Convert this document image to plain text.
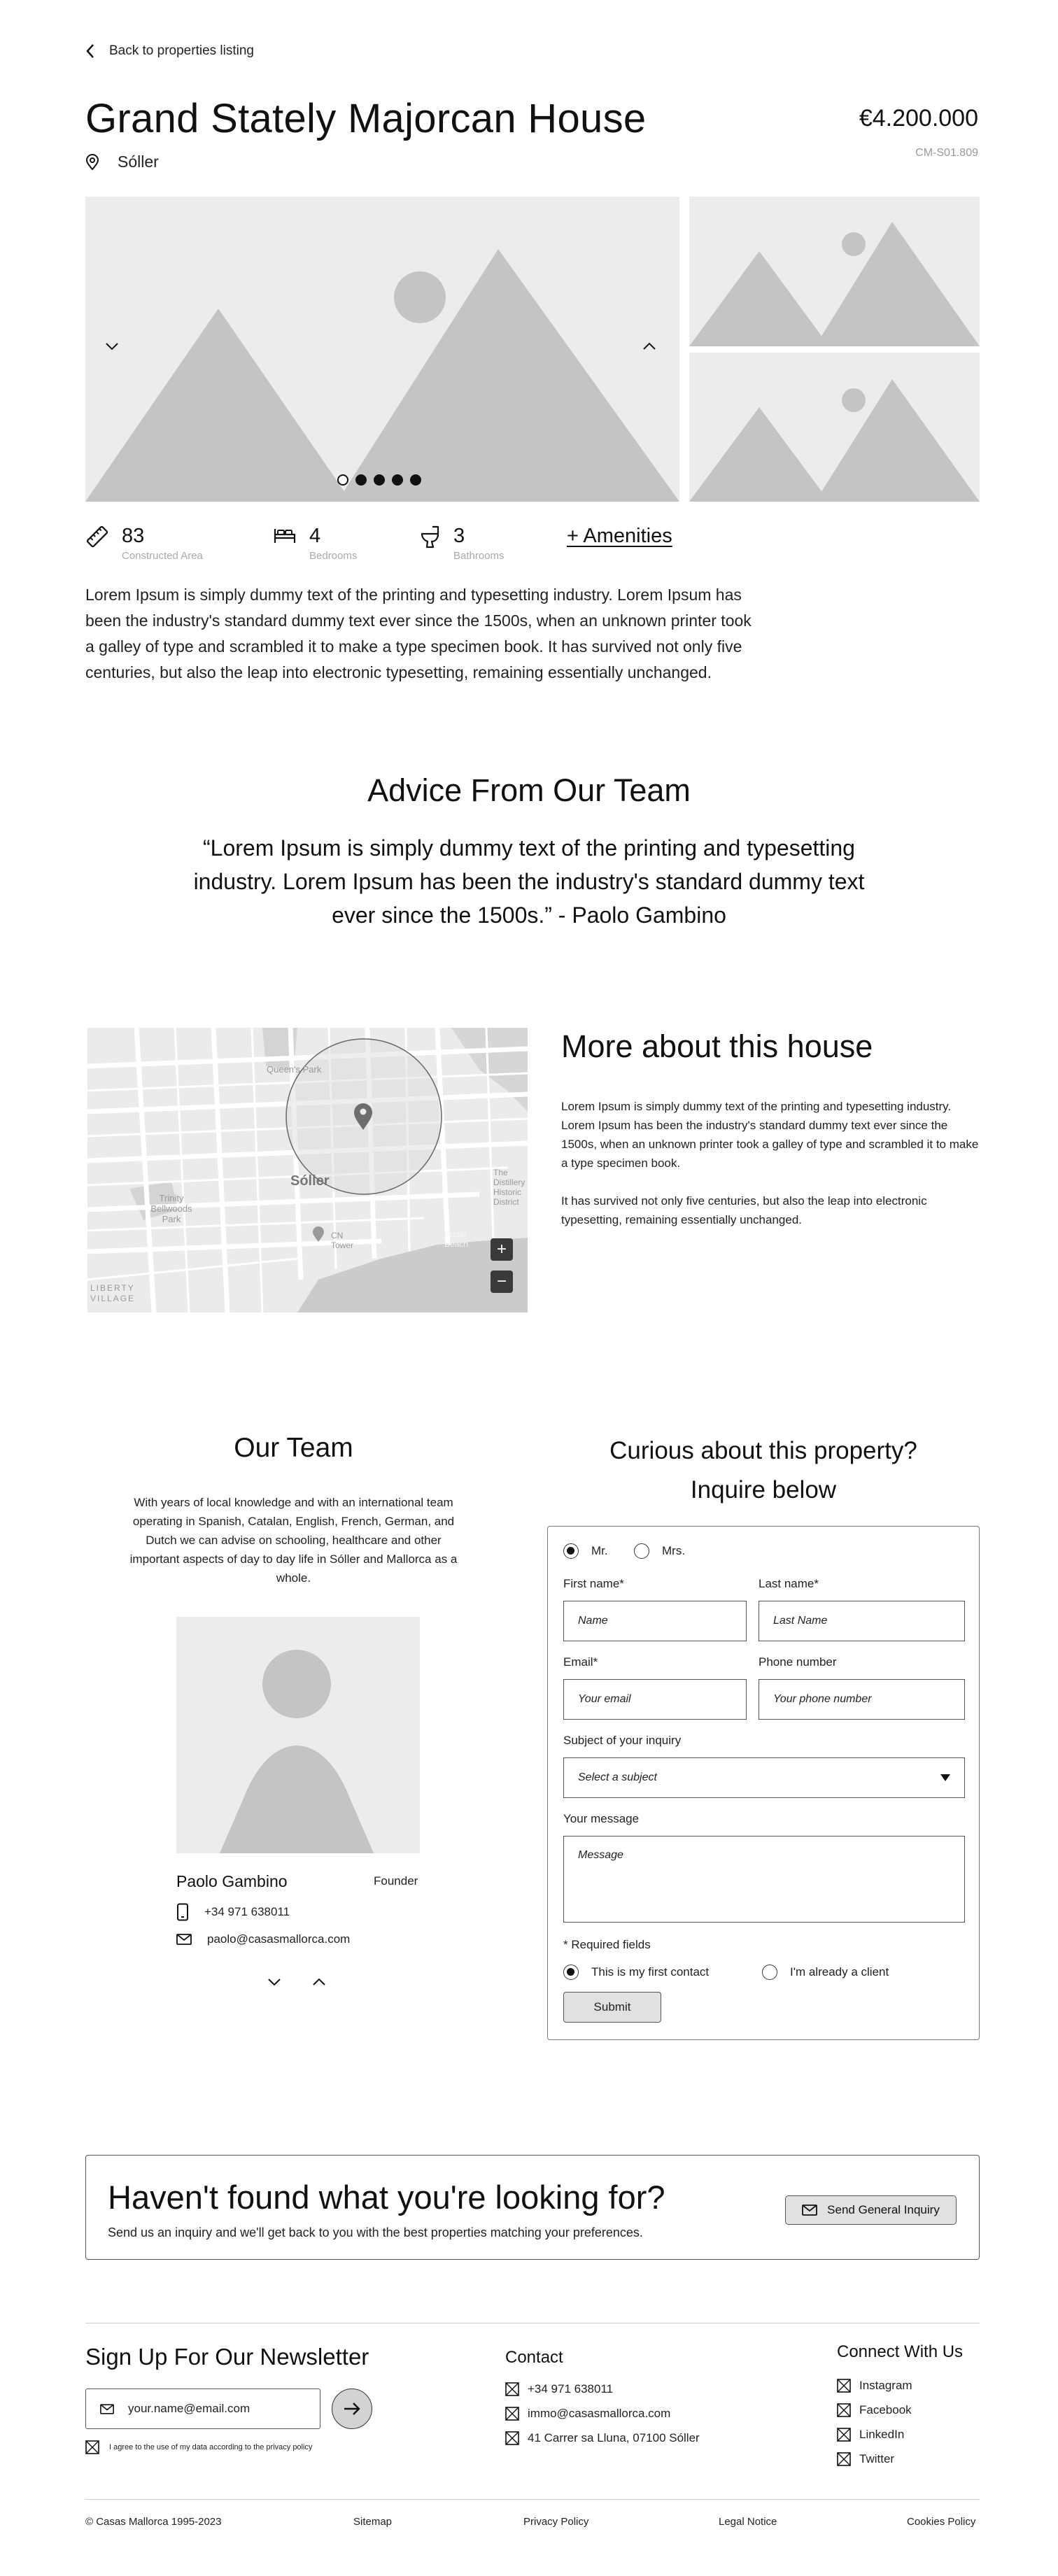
Back to properties listing
Grand Stately Majorcan House
Sóller
€4.200.000
CM-S01.809
83
Constructed Area
4
Bedrooms
3
Bathrooms
+ Amenities
Lorem Ipsum is simply dummy text of the printing and typesetting industry. Lorem Ipsum has been the industry's standard dummy text ever since the 1500s, when an unknown printer took a galley of type and scrambled it to make a type specimen book. It has survived not only five centuries, but also the leap into electronic typesetting, remaining essentially unchanged.
Advice From Our Team
“Lorem Ipsum is simply dummy text of the printing and typesetting industry. Lorem Ipsum has been the industry's standard dummy text ever since the 1500s.” - Paolo Gambino
Queen's Park
Sóller
Trinity Bellwoods Park
CN Tower
The Distillery Historic District
LIBERTY VILLAGE
Sugar Beach	+
−
More about this house

Lorem Ipsum is simply dummy text of the printing and typesetting industry. Lorem Ipsum has been the industry's standard dummy text ever since the 1500s, when an unknown printer took a galley of type and scrambled it to make a type specimen book.

It has survived not only five centuries, but also the leap into electronic typesetting, remaining essentially unchanged.

Our Team
With years of local knowledge and with an international team operating in Spanish, Catalan, English, French, German, and Dutch we can advise on schooling, healthcare and other important aspects of day to day life in Sóller and Mallorca as a whole.
Paolo Gambino	Founder
+34 971 638011
paolo@casasmallorca.com
Curious about this property?
Inquire below
Mr.	Mrs.
First name*	Last name*
Name	Last Name
Email*	Phone number
Your email	Your phone number
Subject of your inquiry
Select a subject
Your message
Message
* Required fields
This is my first contact	I'm already a client
Submit
Haven't found what you're looking for?
Send us an inquiry and we'll get back to you with the best properties matching your preferences.
Send General Inquiry
Sign Up For Our Newsletter
your.name@email.com
I agree to the use of my data according to the privacy policy
Contact
+34 971 638011
immo@casasmallorca.com
41 Carrer sa Lluna, 07100 Sóller
Connect With Us
Instagram
Facebook
LinkedIn
Twitter
© Casas Mallorca 1995-2023	Sitemap	Privacy Policy	Legal Notice	Cookies Policy
